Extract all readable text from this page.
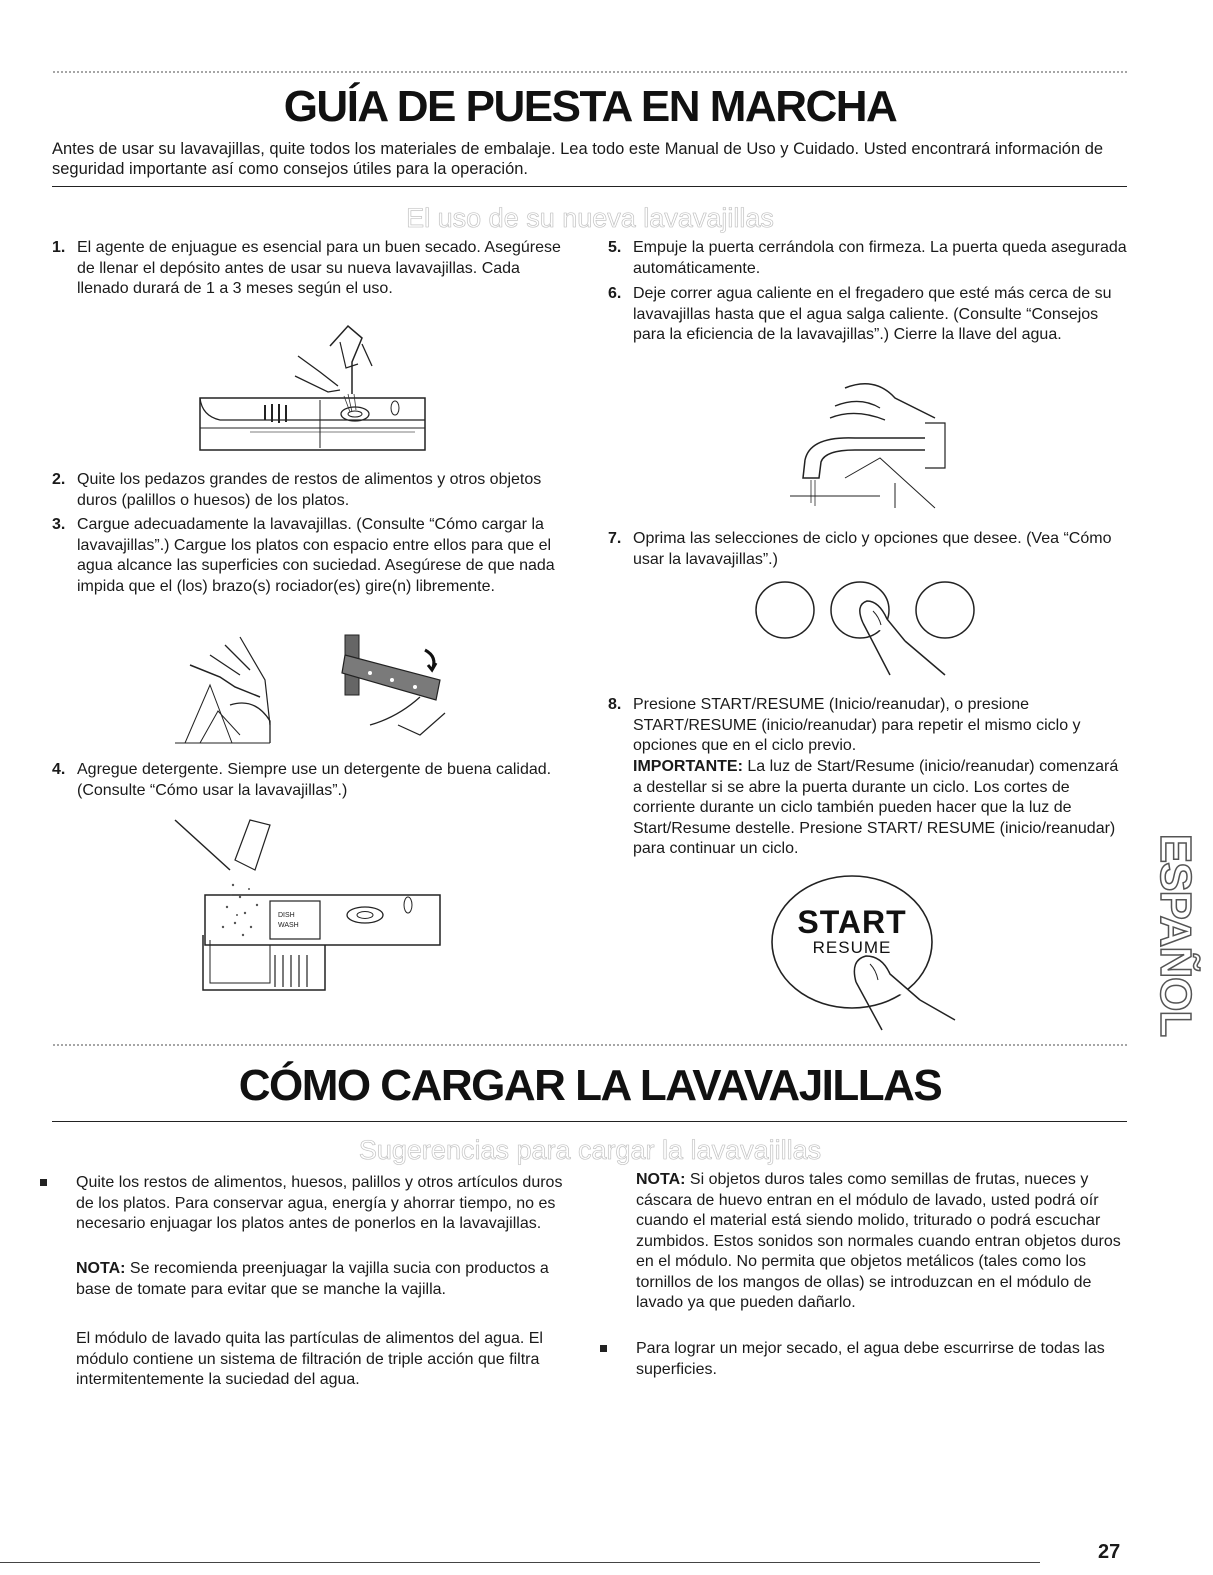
GUÍA DE PUESTA EN MARCHA
Antes de usar su lavavajillas, quite todos los materiales de embalaje. Lea todo este Manual de Uso y Cuidado. Usted encontrará información de seguridad importante así como consejos útiles para la operación.
El uso de su nueva lavavajillas
1. El agente de enjuague es esencial para un buen secado. Asegúrese de llenar el depósito antes de usar su nueva lavavajillas. Cada llenado durará de 1 a 3 meses según el uso.
2. Quite los pedazos grandes de restos de alimentos y otros objetos duros (palillos o huesos) de los platos.
3. Cargue adecuadamente la lavavajillas. (Consulte “Cómo cargar la lavavajillas”.) Cargue los platos con espacio entre ellos para que el agua alcance las superficies con suciedad. Asegúrese de que nada impida que el (los) brazo(s) rociador(es) gire(n) libremente.
4. Agregue detergente. Siempre use un detergente de buena calidad. (Consulte “Cómo usar la lavavajillas”.)
DISH
WASH
5. Empuje la puerta cerrándola con firmeza. La puerta queda asegurada automáticamente.
6. Deje correr agua caliente en el fregadero que esté más cerca de su lavavajillas hasta que el agua salga caliente. (Consulte “Consejos para la eficiencia de la lavavajillas”.) Cierre la llave del agua.
7. Oprima las selecciones de ciclo y opciones que desee. (Vea “Cómo usar la lavavajillas”.)
8. Presione START/RESUME (Inicio/reanudar), o presione START/RESUME (inicio/reanudar) para repetir el mismo ciclo y opciones que en el ciclo previo.
IMPORTANTE: La luz de Start/Resume (inicio/reanudar) comenzará a destellar si se abre la puerta durante un ciclo. Los cortes de corriente durante un ciclo también pueden hacer que la luz de Start/Resume destelle. Presione START/ RESUME (inicio/reanudar) para continuar un ciclo.
START
RESUME	ESPAÑOL
CÓMO CARGAR LA LAVAVAJILLAS
Sugerencias para cargar la lavavajillas
Quite los restos de alimentos, huesos, palillos y otros artículos duros de los platos. Para conservar agua, energía y ahorrar tiempo, no es necesario enjuagar los platos antes de ponerlos en la lavavajillas.
NOTA: Se recomienda preenjuagar la vajilla sucia con productos a base de tomate para evitar que se manche la vajilla.
El módulo de lavado quita las partículas de alimentos del agua. El módulo contiene un sistema de filtración de triple acción que filtra intermitentemente la suciedad del agua.
NOTA: Si objetos duros tales como semillas de frutas, nueces y cáscara de huevo entran en el módulo de lavado, usted podrá oír cuando el material está siendo molido, triturado o podrá escuchar zumbidos. Estos sonidos son normales cuando entran objetos duros en el módulo. No permita que objetos metálicos (tales como los tornillos de los mangos de ollas) se introduzcan en el módulo de lavado ya que pueden dañarlo.
Para lograr un mejor secado, el agua debe escurrirse de todas las superficies.
27
